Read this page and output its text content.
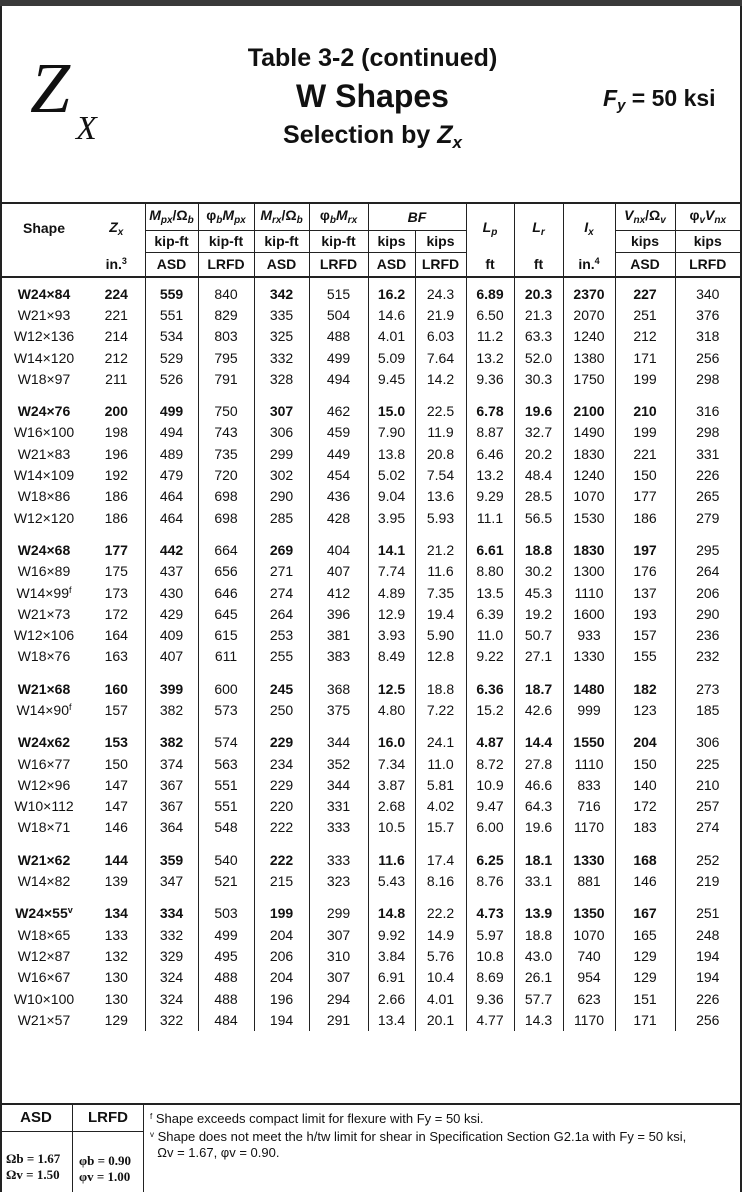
Z
X
Table 3-2 (continued)
W Shapes
Selection by $Z_x$
$F_y = 50$ ksi
Shape	$Z_x$	$M_{px}/\Omega_b$	$\varphi_bM_{px}$	$M_{rx}/\Omega_b$	$\varphi_bM_{rx}$	BF		$L_p$	$L_r$	$I_x$	$V_{nx}/\Omega_v$	$\varphi_vV_{nx}$
		kip-ft	kip-ft	kip-ft	kip-ft	kips	kips				kips	kips
	in.$^3$	ASD	LRFD	ASD	LRFD	ASD	LRFD	ft	ft	in.$^4$	ASD	LRFD

W24×84	224	559	840	342	515	16.2	24.3	6.89	20.3	2370	227	340
W21×93	221	551	829	335	504	14.6	21.9	6.50	21.3	2070	251	376
W12×136	214	534	803	325	488	4.01	6.03	11.2	63.3	1240	212	318
W14×120	212	529	795	332	499	5.09	7.64	13.2	52.0	1380	171	256
W18×97	211	526	791	328	494	9.45	14.2	9.36	30.3	1750	199	298

W24×76	200	499	750	307	462	15.0	22.5	6.78	19.6	2100	210	316
W16×100	198	494	743	306	459	7.90	11.9	8.87	32.7	1490	199	298
W21×83	196	489	735	299	449	13.8	20.8	6.46	20.2	1830	221	331
W14×109	192	479	720	302	454	5.02	7.54	13.2	48.4	1240	150	226
W18×86	186	464	698	290	436	9.04	13.6	9.29	28.5	1070	177	265
W12×120	186	464	698	285	428	3.95	5.93	11.1	56.5	1530	186	279

W24×68	177	442	664	269	404	14.1	21.2	6.61	18.8	1830	197	295
W16×89	175	437	656	271	407	7.74	11.6	8.80	30.2	1300	176	264
W14×99$^f$	173	430	646	274	412	4.89	7.35	13.5	45.3	1110	137	206
W21×73	172	429	645	264	396	12.9	19.4	6.39	19.2	1600	193	290
W12×106	164	409	615	253	381	3.93	5.90	11.0	50.7	933	157	236
W18×76	163	407	611	255	383	8.49	12.8	9.22	27.1	1330	155	232

W21×68	160	399	600	245	368	12.5	18.8	6.36	18.7	1480	182	273
W14×90$^f$	157	382	573	250	375	4.80	7.22	15.2	42.6	999	123	185

W24x62	153	382	574	229	344	16.0	24.1	4.87	14.4	1550	204	306
W16×77	150	374	563	234	352	7.34	11.0	8.72	27.8	1110	150	225
W12×96	147	367	551	229	344	3.87	5.81	10.9	46.6	833	140	210
W10×112	147	367	551	220	331	2.68	4.02	9.47	64.3	716	172	257
W18×71	146	364	548	222	333	10.5	15.7	6.00	19.6	1170	183	274

W21×62	144	359	540	222	333	11.6	17.4	6.25	18.1	1330	168	252
W14×82	139	347	521	215	323	5.43	8.16	8.76	33.1	881	146	219

W24×55$^v$	134	334	503	199	299	14.8	22.2	4.73	13.9	1350	167	251
W18×65	133	332	499	204	307	9.92	14.9	5.97	18.8	1070	165	248
W12×87	132	329	495	206	310	3.84	5.76	10.8	43.0	740	129	194
W16×67	130	324	488	204	307	6.91	10.4	8.69	26.1	954	129	194
W10×100	130	324	488	196	294	2.66	4.01	9.36	57.7	623	151	226
W21×57	129	322	484	194	291	13.4	20.1	4.77	14.3	1170	171	256
ASD
Ωb = 1.67
Ωv = 1.50
LRFD
φb = 0.90
φv = 1.00
$^f$ Shape exceeds compact limit for flexure with Fy = 50 ksi.
$^v$ Shape does not meet the h/tw limit for shear in Specification Section G2.1a with Fy = 50 ksi,
Ωv = 1.67, φv = 0.90.
